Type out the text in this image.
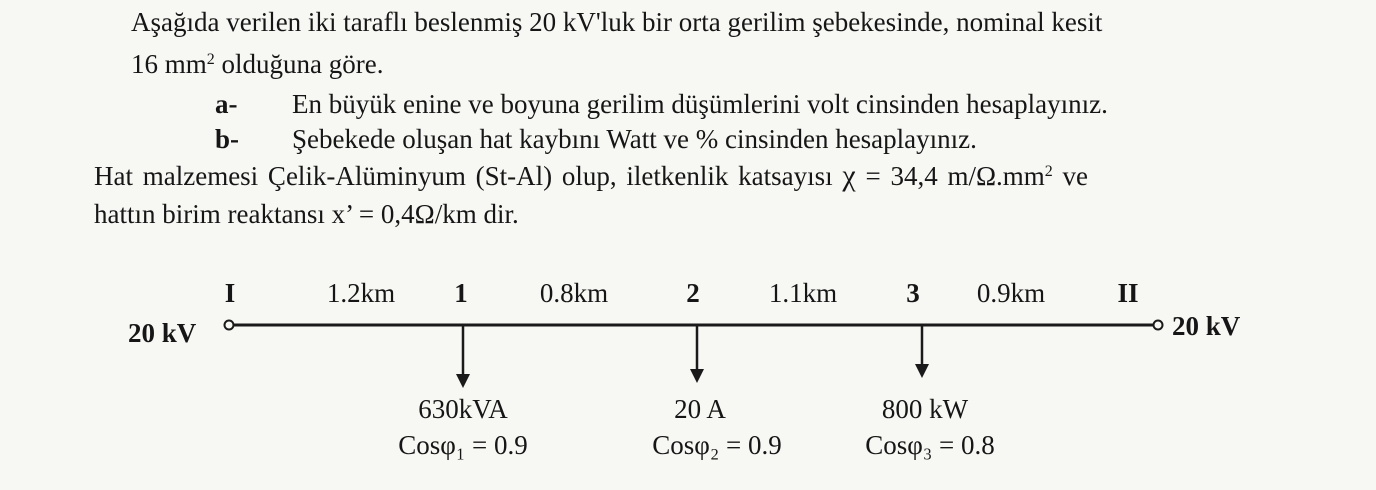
Aşağıda verilen iki taraflı beslenmiş 20 kV'luk bir orta gerilim şebekesinde, nominal kesit
16 $mm^2$ olduğuna göre.
a- En büyük enine ve boyuna gerilim düşümlerini volt cinsinden hesaplayınız.
b- Şebekede oluşan hat kaybını Watt ve % cinsinden hesaplayınız.
Hat malzemesi Çelik-Alüminyum (St-Al) olup, iletkenlik katsayısı χ = 34,4 $m/\Omega.mm^2$ ve
hattın birim reaktansı x’ = 0,4Ω/km dir.
I	1	2	3	II
1.2km	0.8km	1.1km	0.9km
20 kV	20 kV
630kVA
Cosφ₁ = 0.9
20 A
Cosφ₂ = 0.9
800 kW
Cosφ₃ = 0.8
